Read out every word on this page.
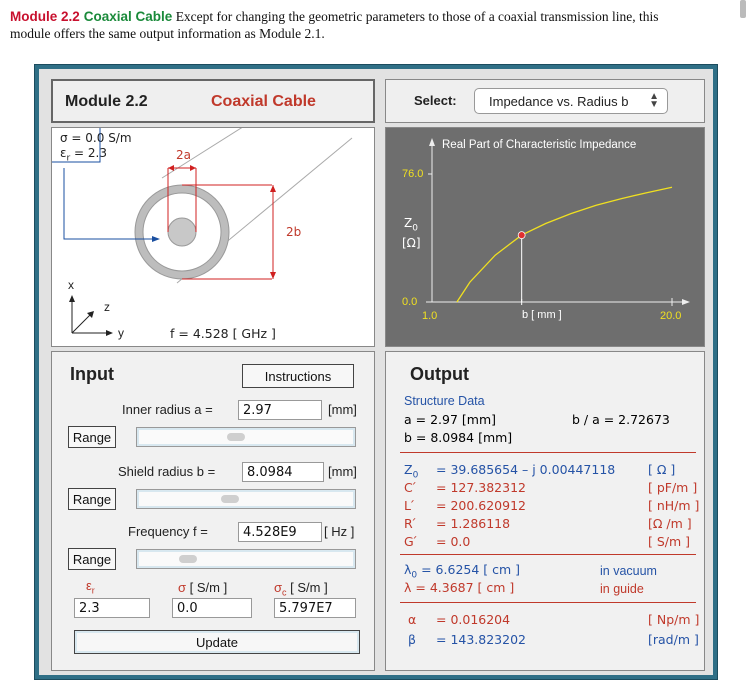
Module 2.2 Coaxial Cable Except for changing the geometric parameters to those of a coaxial transmission line, this
module offers the same output information as Module 2.1.
Module 2.2	Coaxial Cable	Select:	Impedance vs. Radius b ▲
▼
σ = 0.0 S/m
$\varepsilon_r = 2.3$	2a
2b
x
z
y	f = 4.528 [ GHz ]
Real Part of Characteristic Impedance
76.0
0.0
$Z_0$
[Ω]
1.0	20.0
b [ mm ]
Input	Instructions
Inner radius a =
2.97	[mm]
Range
Shield radius b =
8.0984	[mm]
Range
Frequency f =
4.528E9	[ Hz ]
Range
$\varepsilon_r$	σ [ S/m ]	$\sigma_c$ [ S/m ]
2.3
0.0
5.797E7
Update
Output
Structure Data
a = 2.97 [mm]	b / a = 2.72673
b = 8.0984 [mm]
$Z_0 = 39.685654 - j$ 0.00447118	[ Ω ]
C ́ = 127.382312	[ pF/m ]
L ́ = 200.620912	[ nH/m ]
R ́ = 1.286118	[Ω /m ]
G ́ = 0.0	[ S/m ]
$\lambda_0 = 6.6254$ [ cm ]	in vacuum
λ = 4.3687 [ cm ]	in guide
α = 0.016204	[ Np/m ]
β = 143.823202	[rad/m ]
